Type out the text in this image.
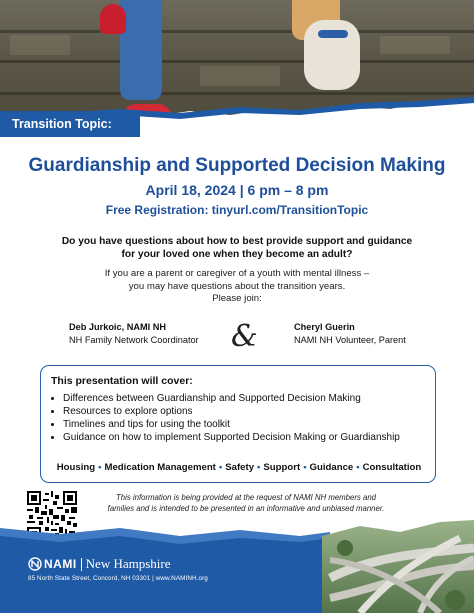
Transition Topic:
Guardianship and Supported Decision Making
April 18, 2024 | 6 pm – 8 pm
Free Registration: tinyurl.com/TransitionTopic
Do you have questions about how to best provide support and guidance
for your loved one when they become an adult?
If you are a parent or caregiver of a youth with mental illness –
you may have questions about the transition years.
Please join:
Deb Jurkoic, NAMI NH
NH Family Network Coordinator &	Cheryl Guerin
NAMI NH Volunteer, Parent
This presentation will cover:
• Differences between Guardianship and Supported Decision Making
• Resources to explore options
• Timelines and tips for using the toolkit
• Guidance on how to implement Supported Decision Making or Guardianship
Housing • Medication Management • Safety • Support • Guidance • Consultation
This information is being provided at the request of NAMI NH members and
families and is intended to be presented in an informative and unbiased manner.
NAMI New Hampshire
85 North State Street, Concord, NH 03301 | www.NAMINH.org
